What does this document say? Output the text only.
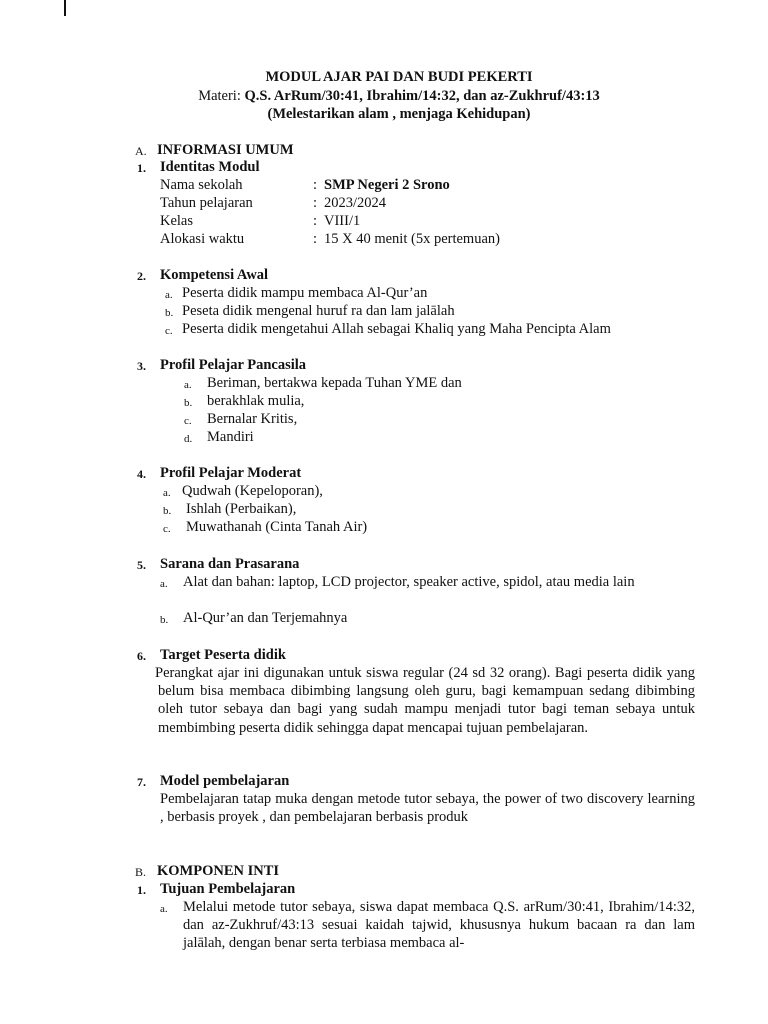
MODUL AJAR PAI DAN BUDI PEKERTI
Materi: Q.S. ArRum/30:41, Ibrahim/14:32, dan az-Zukhruf/43:13
(Melestarikan alam , menjaga Kehidupan)
A. INFORMASI UMUM
1. Identitas Modul
Nama sekolah	: SMP Negeri 2 Srono
Tahun pelajaran	: 2023/2024
Kelas	: VIII/1
Alokasi waktu	: 15 X 40 menit (5x pertemuan)
2. Kompetensi Awal
a. Peserta didik mampu membaca Al-Qur’an
b. Peseta didik mengenal huruf ra dan lam jalālah
c. Peserta didik mengetahui Allah sebagai Khaliq yang Maha Pencipta Alam
3. Profil Pelajar Pancasila
a. Beriman, bertakwa kepada Tuhan YME dan
b. berakhlak mulia,
c. Bernalar Kritis,
d. Mandiri
4. Profil Pelajar Moderat
a. Qudwah (Kepeloporan),
b. Ishlah (Perbaikan),
c. Muwathanah (Cinta Tanah Air)
5. Sarana dan Prasarana
a. Alat dan bahan: laptop, LCD projector, speaker active, spidol, atau media lain
b. Al-Qur’an dan Terjemahnya
6. Target Peserta didik
Perangkat ajar ini digunakan untuk siswa regular (24 sd 32 orang). Bagi peserta didik yang belum bisa membaca dibimbing langsung oleh guru, bagi kemampuan sedang dibimbing oleh tutor sebaya dan bagi yang sudah mampu menjadi tutor bagi teman sebaya untuk membimbing peserta didik sehingga dapat mencapai tujuan pembelajaran.
7. Model pembelajaran
Pembelajaran tatap muka dengan metode tutor sebaya, the power of two discovery learning , berbasis proyek , dan pembelajaran berbasis produk
B. KOMPONEN INTI
1. Tujuan Pembelajaran
a. Melalui metode tutor sebaya, siswa dapat membaca Q.S. arRum/30:41, Ibrahim/14:32, dan az-Zukhruf/43:13 sesuai kaidah tajwid, khususnya hukum bacaan ra dan lam jalālah, dengan benar serta terbiasa membaca al-
